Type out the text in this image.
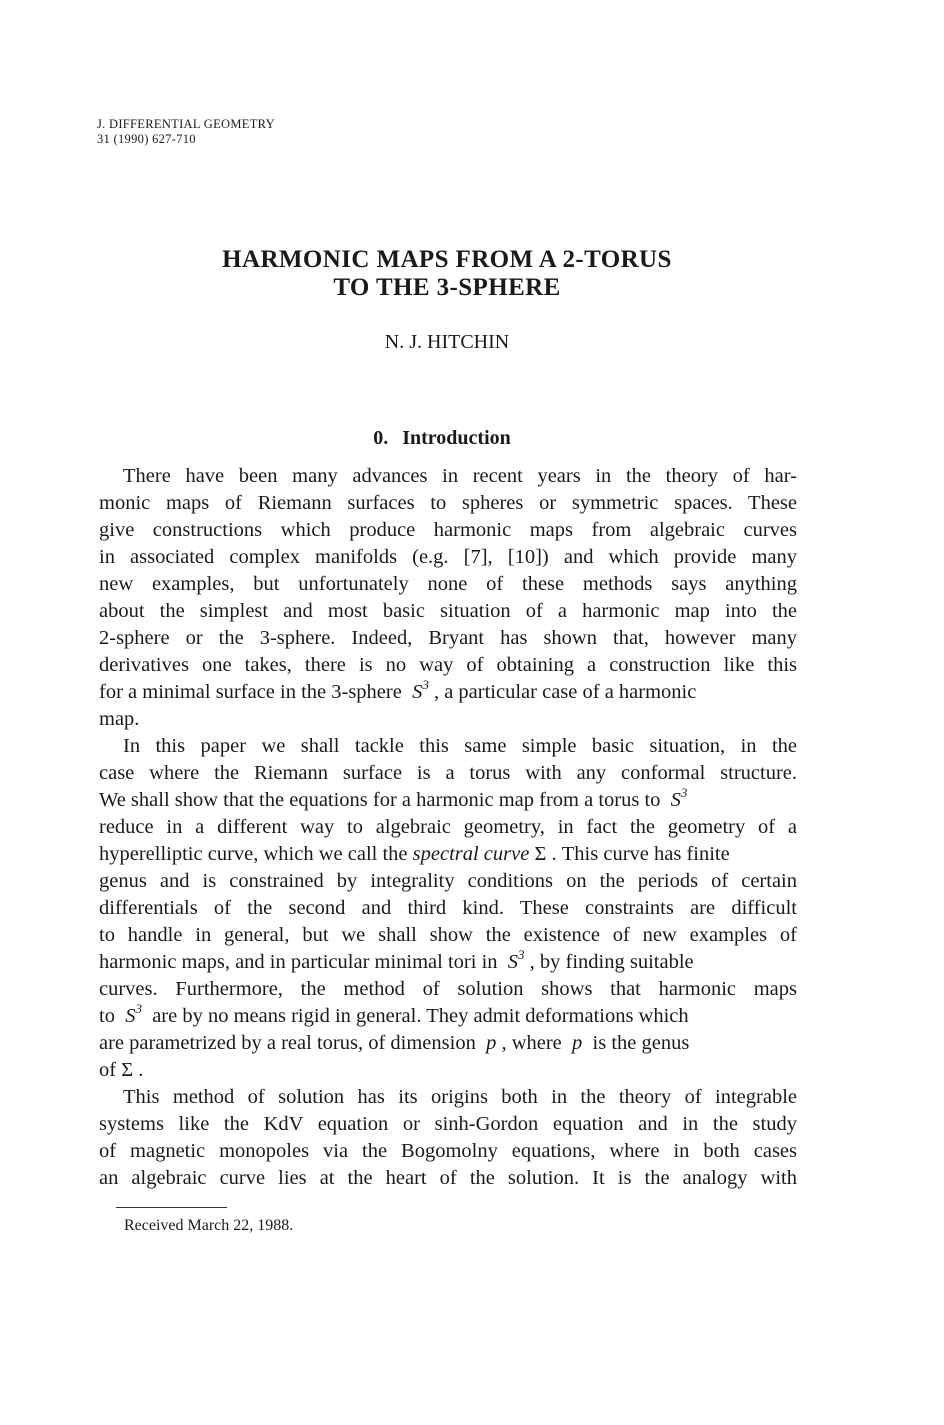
J. DIFFERENTIAL GEOMETRY
31 (1990) 627-710
HARMONIC MAPS FROM A 2-TORUS
TO THE 3-SPHERE
N. J. HITCHIN
0. Introduction
There have been many advances in recent years in the theory of har-
monic maps of Riemann surfaces to spheres or symmetric spaces. These
give constructions which produce harmonic maps from algebraic curves
in associated complex manifolds (e.g. [7], [10]) and which provide many
new examples, but unfortunately none of these methods says anything
about the simplest and most basic situation of a harmonic map into the
2-sphere or the 3-sphere. Indeed, Bryant has shown that, however many
derivatives one takes, there is no way of obtaining a construction like this
for a minimal surface in the 3-sphere $S^3$ , a particular case of a harmonic
map.
In this paper we shall tackle this same simple basic situation, in the
case where the Riemann surface is a torus with any conformal structure.
We shall show that the equations for a harmonic map from a torus to $S^3$
reduce in a different way to algebraic geometry, in fact the geometry of a
hyperelliptic curve, which we call the spectral curve Σ . This curve has finite
genus and is constrained by integrality conditions on the periods of certain
differentials of the second and third kind. These constraints are difficult
to handle in general, but we shall show the existence of new examples of
harmonic maps, and in particular minimal tori in $S^3$ , by finding suitable
curves. Furthermore, the method of solution shows that harmonic maps
to $S^3$ are by no means rigid in general. They admit deformations which
are parametrized by a real torus, of dimension p , where p is the genus
of Σ .
This method of solution has its origins both in the theory of integrable
systems like the KdV equation or sinh-Gordon equation and in the study
of magnetic monopoles via the Bogomolny equations, where in both cases
an algebraic curve lies at the heart of the solution. It is the analogy with
Received March 22, 1988.
